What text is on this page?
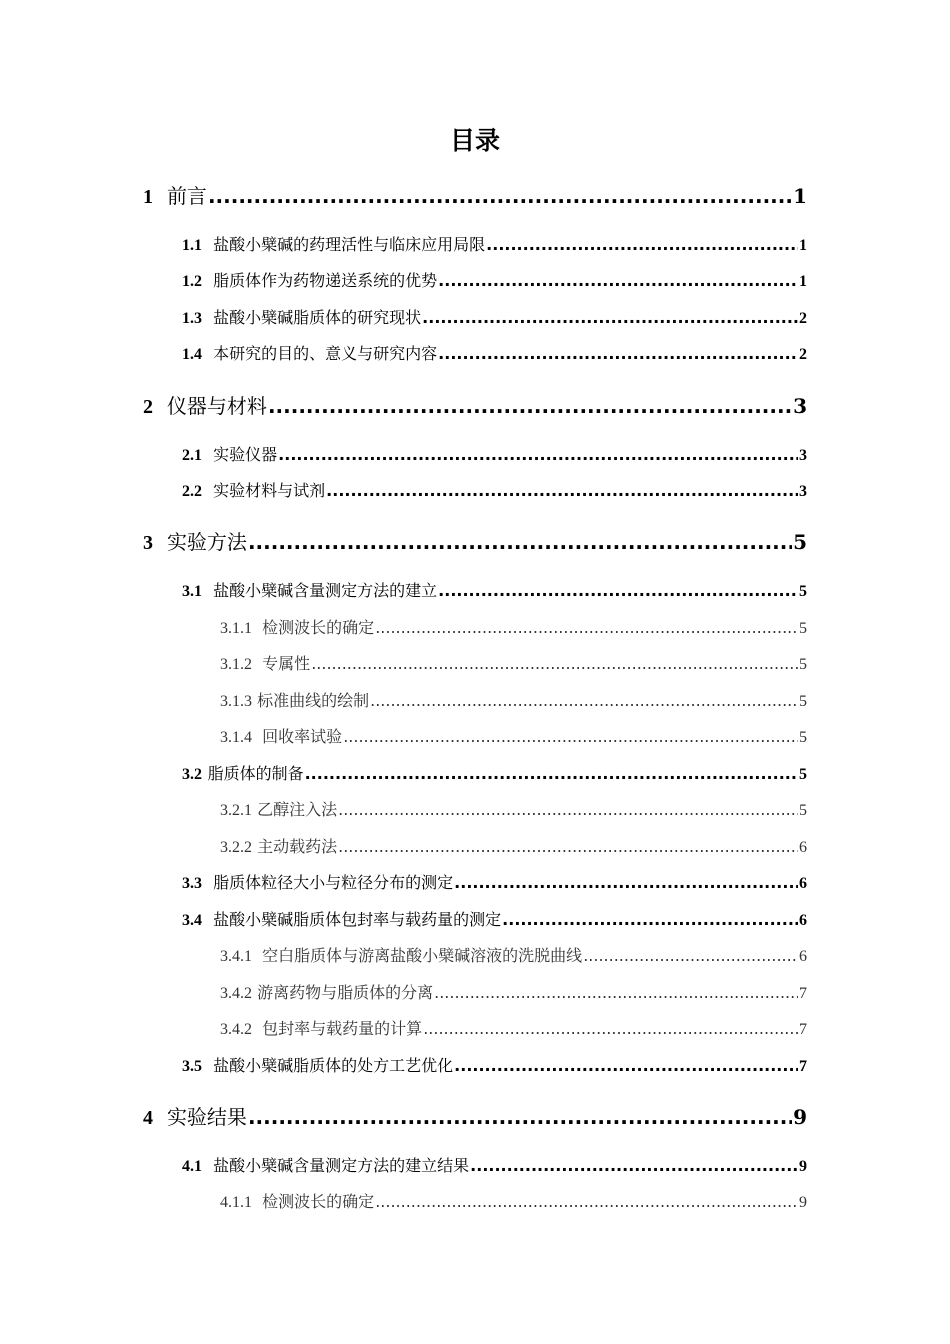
目录
1 前言 .....	1
1.1 盐酸小檗碱的药理活性与临床应用局限 .....	1
1.2 脂质体作为药物递送系统的优势 .....	1
1.3 盐酸小檗碱脂质体的研究现状 .....	2
1.4 本研究的目的、意义与研究内容 .....	2
2 仪器与材料 .....	3
2.1 实验仪器 .....	3
2.2 实验材料与试剂 .....	3
3 实验方法 .....	5
3.1 盐酸小檗碱含量测定方法的建立 .....	5
3.1.1 检测波长的确定 .....	5
3.1.2 专属性 .....	5
3.1.3 标准曲线的绘制 .....	5
3.1.4 回收率试验 .....	5
3.2 脂质体的制备 .....	5
3.2.1 乙醇注入法 .....	5
3.2.2 主动载药法 .....	6
3.3 脂质体粒径大小与粒径分布的测定 .....	6
3.4 盐酸小檗碱脂质体包封率与载药量的测定 .....	6
3.4.1 空白脂质体与游离盐酸小檗碱溶液的洗脱曲线 .....	6
3.4.2 游离药物与脂质体的分离 .....	7
3.4.2 包封率与载药量的计算 .....	7
3.5 盐酸小檗碱脂质体的处方工艺优化 .....	7
4 实验结果 .....	9
4.1 盐酸小檗碱含量测定方法的建立结果 .....	9
4.1.1 检测波长的确定 .....	9
